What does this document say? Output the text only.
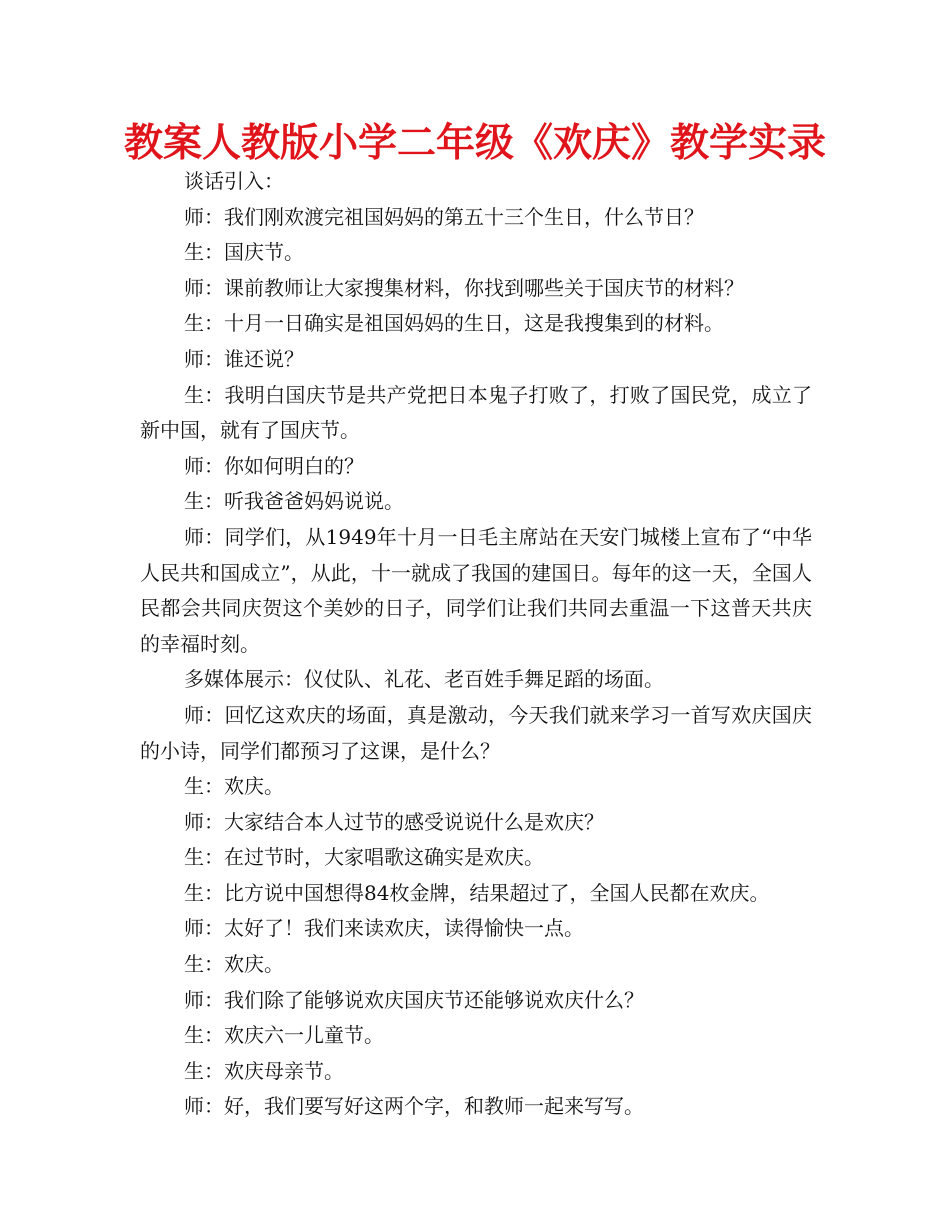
教案人教版小学二年级《欢庆》教学实录

谈话引入：

师：我们刚欢渡完祖国妈妈的第五十三个生日，什么节日？

生：国庆节。

师：课前教师让大家搜集材料，你找到哪些关于国庆节的材料？

生：十月一日确实是祖国妈妈的生日，这是我搜集到的材料。

师：谁还说？

生：我明白国庆节是共产党把日本鬼子打败了，打败了国民党，成立了新中国，就有了国庆节。

师：你如何明白的？

生：听我爸爸妈妈说说。

师：同学们，从1949年十月一日毛主席站在天安门城楼上宣布了“中华人民共和国成立”，从此，十一就成了我国的建国日。每年的这一天，全国人民都会共同庆贺这个美妙的日子，同学们让我们共同去重温一下这普天共庆的幸福时刻。

多媒体展示：仪仗队、礼花、老百姓手舞足蹈的场面。

师：回忆这欢庆的场面，真是激动，今天我们就来学习一首写欢庆国庆的小诗，同学们都预习了这课，是什么？

生：欢庆。

师：大家结合本人过节的感受说说什么是欢庆？

生：在过节时，大家唱歌这确实是欢庆。

生：比方说中国想得84枚金牌，结果超过了，全国人民都在欢庆。

师：太好了！我们来读欢庆，读得愉快一点。

生：欢庆。

师：我们除了能够说欢庆国庆节还能够说欢庆什么？

生：欢庆六一儿童节。

生：欢庆母亲节。

师：好，我们要写好这两个字，和教师一起来写写。
